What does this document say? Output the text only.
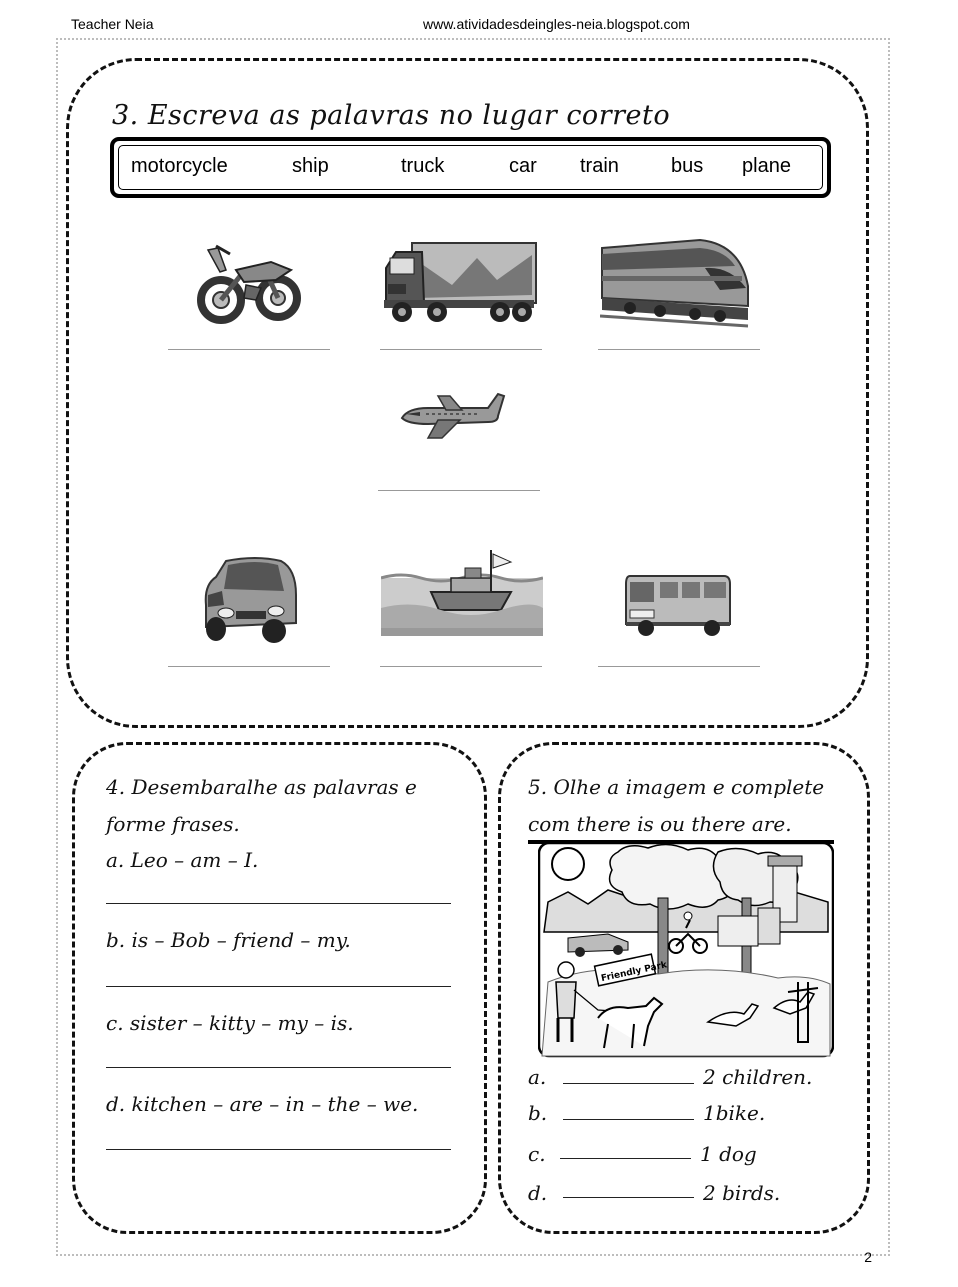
Teacher Neia	www.atividadesdeingles-neia.blogspot.com
3. Escreva as palavras no lugar correto
motorcycle	ship	truck	car train	bus plane
4. Desembaralhe as palavras e
forme frases.
a. Leo – am – I.
b. is – Bob – friend – my.
c. sister – kitty – my – is.
d. kitchen – are – in – the – we.
5. Olhe a imagem e complete
com there is ou there are.
Friendly Park
a.	2 children.
b.	1bike.
c.	1 dog
d.	2 birds.
2
